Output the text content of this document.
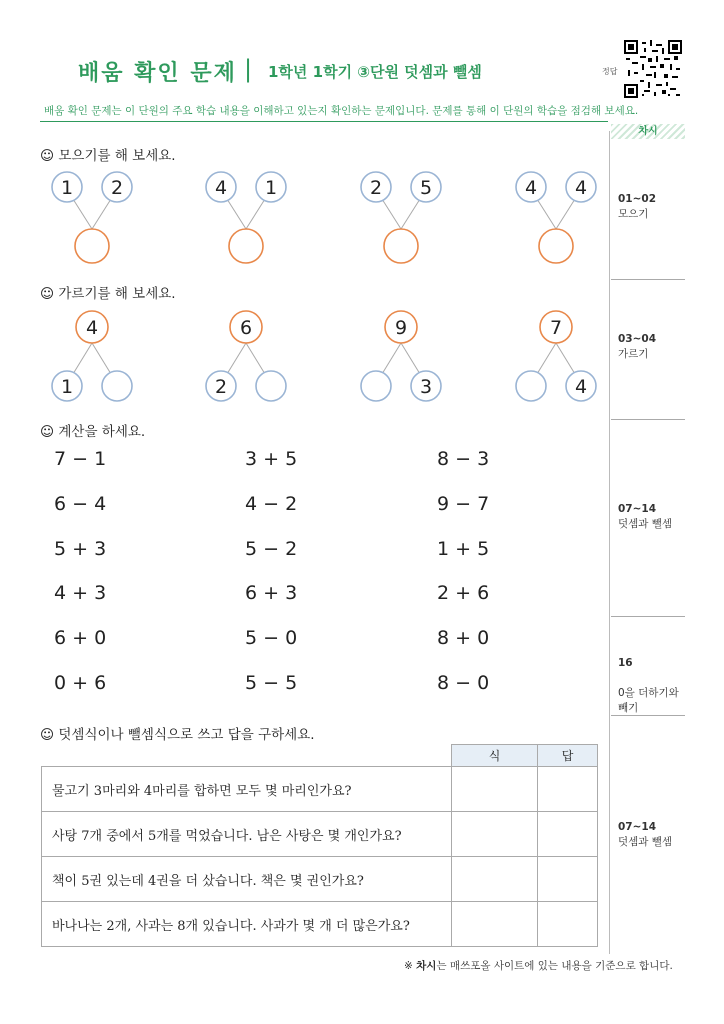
배움 확인 문제 | 1학년 1학기 ③단원 덧셈과 뺄셈	정답
배움 확인 문제는 이 단원의 주요 학습 내용을 이해하고 있는지 확인하는 문제입니다. 문제를 통해 이 단원의 학습을 점검해 보세요.
차시
01~02
모으기
03~04
가르기
07~14
덧셈과 뺄셈

16

0을 더하기와
빼기

07~14
덧셈과 뺄셈
☺ 모으기를 해 보세요.
☺ 가르기를 해 보세요.
☺ 계산을 하세요.
☺ 덧셈식이나 뺄셈식으로 쓰고 답을 구하세요.
1 2	4 1	2 5	4 4
4
1
6
2
9
3
7
4
7 − 1	3 + 5	8 − 3
6 − 4	4 − 2	9 − 7
5 + 3	5 − 2	1 + 5
4 + 3	6 + 3	2 + 6
6 + 0	5 − 0	8 + 0
0 + 6	5 − 5	8 − 0
	식	답
물고기 3마리와 4마리를 합하면 모두 몇 마리인가요?		
사탕 7개 중에서 5개를 먹었습니다. 남은 사탕은 몇 개인가요?		
책이 5권 있는데 4권을 더 샀습니다. 책은 몇 권인가요?		
바나나는 2개, 사과는 8개 있습니다. 사과가 몇 개 더 많은가요?		
※ 차시는 매쓰포올 사이트에 있는 내용을 기준으로 합니다.
